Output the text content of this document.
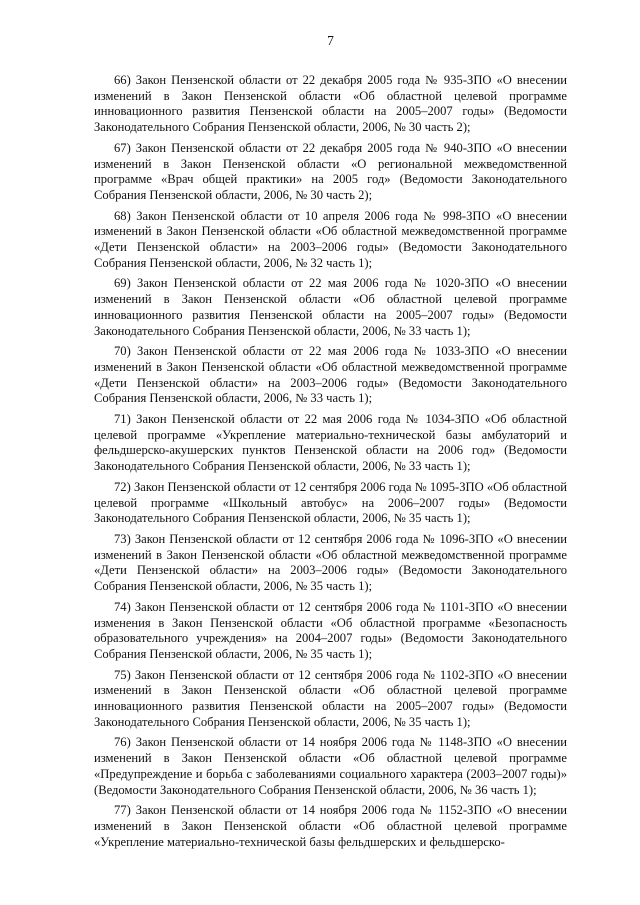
7

66) Закон Пензенской области от 22 декабря 2005 года № 935-ЗПО «О внесении изменений в Закон Пензенской области «Об областной целевой программе инновационного развития Пензенской области на 2005–2007 годы» (Ведомости Законодательного Собрания Пензенской области, 2006, № 30 часть 2);

67) Закон Пензенской области от 22 декабря 2005 года № 940-ЗПО «О внесении изменений в Закон Пензенской области «О региональной межведомственной программе «Врач общей практики» на 2005 год» (Ведомости Законодательного Собрания Пензенской области, 2006, № 30 часть 2);

68) Закон Пензенской области от 10 апреля 2006 года № 998-ЗПО «О внесении изменений в Закон Пензенской области «Об областной межведомственной программе «Дети Пензенской области» на 2003–2006 годы» (Ведомости Законодательного Собрания Пензенской области, 2006, № 32 часть 1);

69) Закон Пензенской области от 22 мая 2006 года № 1020-ЗПО «О внесении изменений в Закон Пензенской области «Об областной целевой программе инновационного развития Пензенской области на 2005–2007 годы» (Ведомости Законодательного Собрания Пензенской области, 2006, № 33 часть 1);

70) Закон Пензенской области от 22 мая 2006 года № 1033-ЗПО «О внесении изменений в Закон Пензенской области «Об областной межведомственной программе «Дети Пензенской области» на 2003–2006 годы» (Ведомости Законодательного Собрания Пензенской области, 2006, № 33 часть 1);

71) Закон Пензенской области от 22 мая 2006 года № 1034-ЗПО «Об областной целевой программе «Укрепление материально-технической базы амбулаторий и фельдшерско-акушерских пунктов Пензенской области на 2006 год» (Ведомости Законодательного Собрания Пензенской области, 2006, № 33 часть 1);

72) Закон Пензенской области от 12 сентября 2006 года № 1095-ЗПО «Об областной целевой программе «Школьный автобус» на 2006–2007 годы» (Ведомости Законодательного Собрания Пензенской области, 2006, № 35 часть 1);

73) Закон Пензенской области от 12 сентября 2006 года № 1096-ЗПО «О внесении изменений в Закон Пензенской области «Об областной межведомственной программе «Дети Пензенской области» на 2003–2006 годы» (Ведомости Законодательного Собрания Пензенской области, 2006, № 35 часть 1);

74) Закон Пензенской области от 12 сентября 2006 года № 1101-ЗПО «О внесении изменения в Закон Пензенской области «Об областной программе «Безопасность образовательного учреждения» на 2004–2007 годы» (Ведомости Законодательного Собрания Пензенской области, 2006, № 35 часть 1);

75) Закон Пензенской области от 12 сентября 2006 года № 1102-ЗПО «О внесении изменений в Закон Пензенской области «Об областной целевой программе инновационного развития Пензенской области на 2005–2007 годы» (Ведомости Законодательного Собрания Пензенской области, 2006, № 35 часть 1);

76) Закон Пензенской области от 14 ноября 2006 года № 1148-ЗПО «О внесении изменений в Закон Пензенской области «Об областной целевой программе «Предупреждение и борьба с заболеваниями социального характера (2003–2007 годы)» (Ведомости Законодательного Собрания Пензенской области, 2006, № 36 часть 1);

77) Закон Пензенской области от 14 ноября 2006 года № 1152-ЗПО «О внесении изменений в Закон Пензенской области «Об областной целевой программе «Укрепление материально-технической базы фельдшерских и фельдшерско-
